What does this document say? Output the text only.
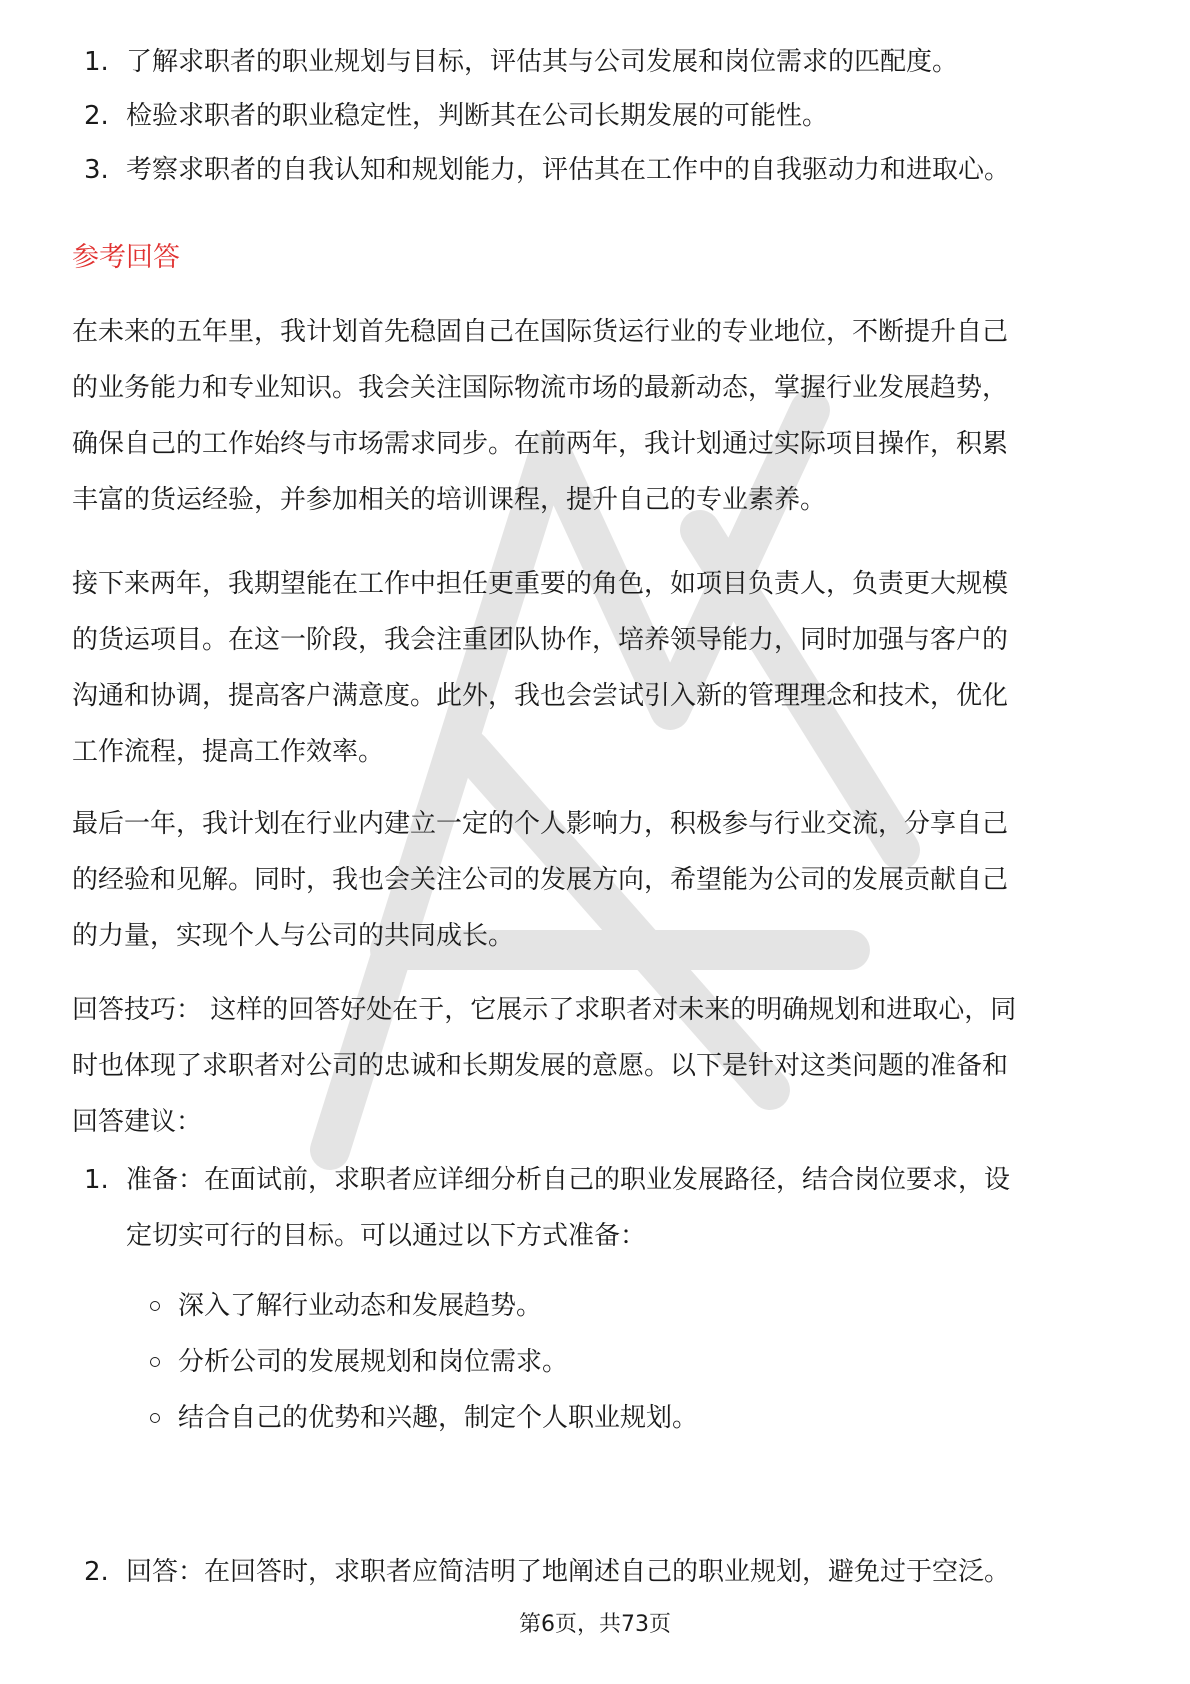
1. 了解求职者的职业规划与目标，评估其与公司发展和岗位需求的匹配度。
2. 检验求职者的职业稳定性，判断其在公司长期发展的可能性。
3. 考察求职者的自我认知和规划能力，评估其在工作中的自我驱动力和进取心。
参考回答
在未来的五年里，我计划首先稳固自己在国际货运行业的专业地位，不断提升自己
的业务能力和专业知识。我会关注国际物流市场的最新动态，掌握行业发展趋势，
确保自己的工作始终与市场需求同步。在前两年，我计划通过实际项目操作，积累
丰富的货运经验，并参加相关的培训课程，提升自己的专业素养。
接下来两年，我期望能在工作中担任更重要的角色，如项目负责人，负责更大规模
的货运项目。在这一阶段，我会注重团队协作，培养领导能力，同时加强与客户的
沟通和协调，提高客户满意度。此外，我也会尝试引入新的管理理念和技术，优化
工作流程，提高工作效率。
最后一年，我计划在行业内建立一定的个人影响力，积极参与行业交流，分享自己
的经验和见解。同时，我也会关注公司的发展方向，希望能为公司的发展贡献自己
的力量，实现个人与公司的共同成长。
回答技巧： 这样的回答好处在于，它展示了求职者对未来的明确规划和进取心，同
时也体现了求职者对公司的忠诚和长期发展的意愿。以下是针对这类问题的准备和
回答建议：
1. 准备：在面试前，求职者应详细分析自己的职业发展路径，结合岗位要求，设
定切实可行的目标。可以通过以下方式准备：
深入了解行业动态和发展趋势。
分析公司的发展规划和岗位需求。
结合自己的优势和兴趣，制定个人职业规划。
2. 回答：在回答时，求职者应简洁明了地阐述自己的职业规划，避免过于空泛。
第6页，共73页
